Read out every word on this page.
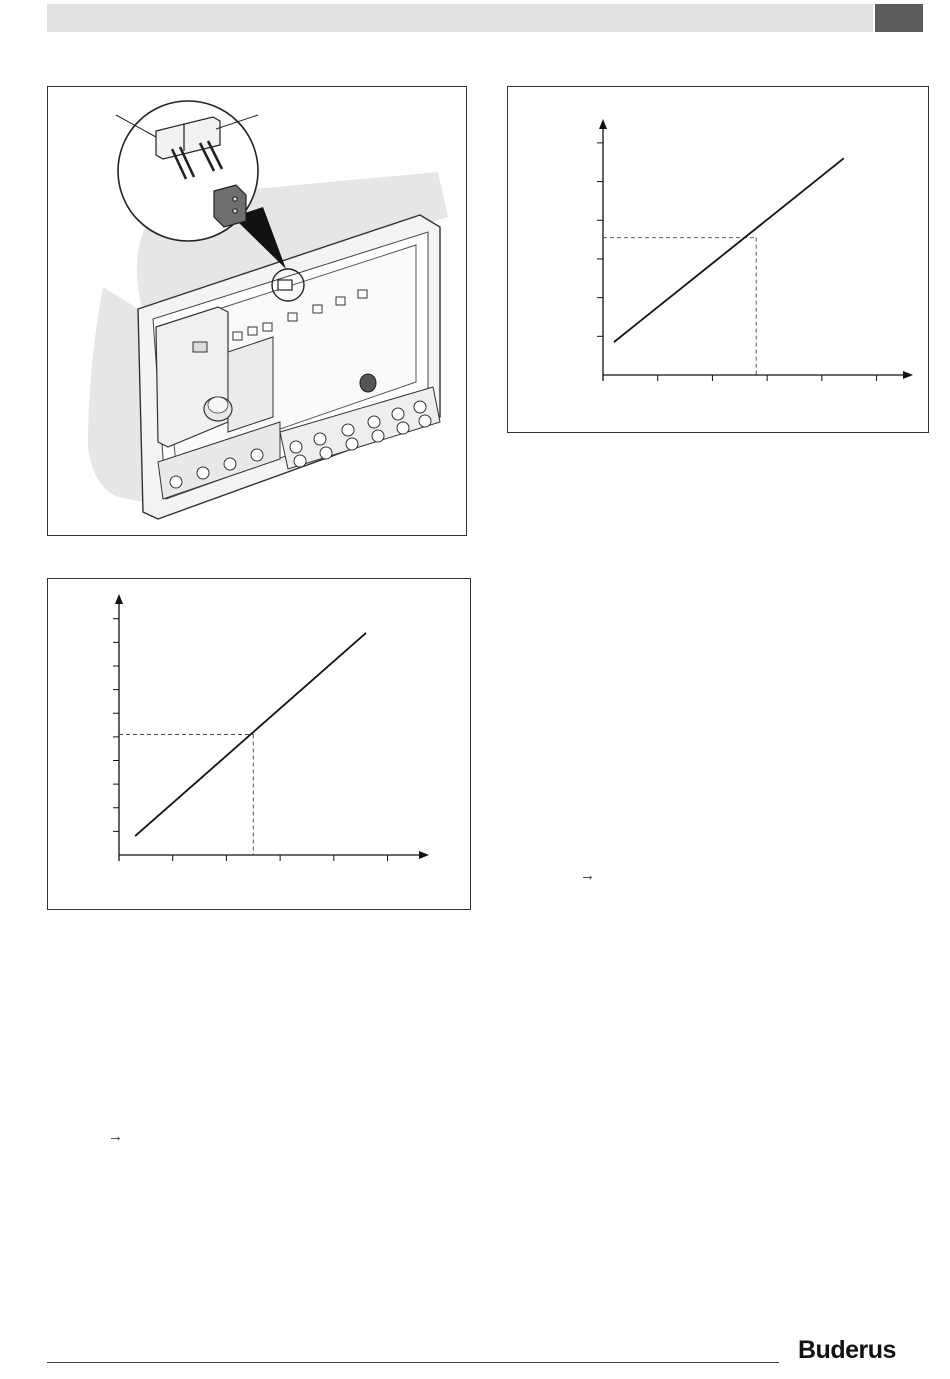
→
→
Buderus
